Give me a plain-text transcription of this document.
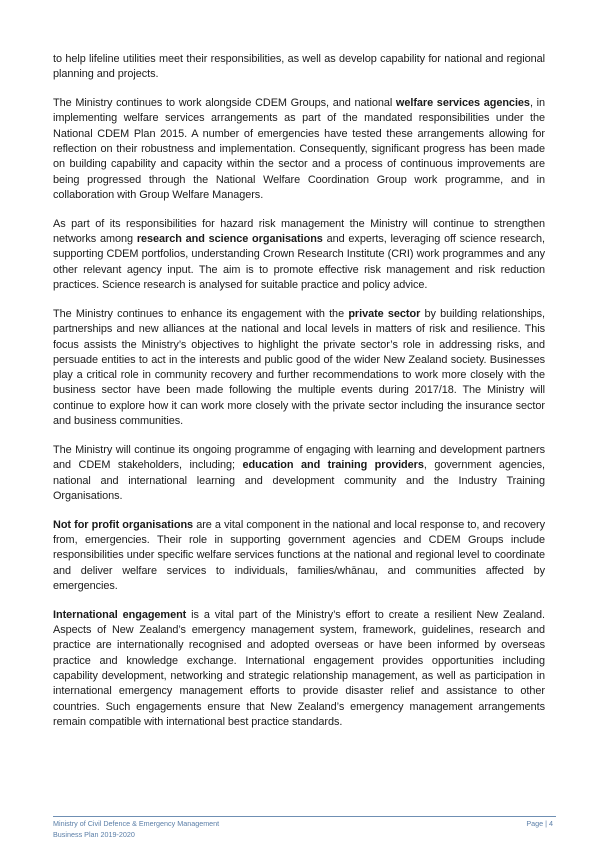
to help lifeline utilities meet their responsibilities, as well as develop capability for national and regional planning and projects.

The Ministry continues to work alongside CDEM Groups, and national welfare services agencies, in implementing welfare services arrangements as part of the mandated responsibilities under the National CDEM Plan 2015. A number of emergencies have tested these arrangements allowing for reflection on their robustness and implementation. Consequently, significant progress has been made on building capability and capacity within the sector and a process of continuous improvements are being progressed through the National Welfare Coordination Group work programme, and in collaboration with Group Welfare Managers.

As part of its responsibilities for hazard risk management the Ministry will continue to strengthen networks among research and science organisations and experts, leveraging off science research, supporting CDEM portfolios, understanding Crown Research Institute (CRI) work programmes and any other relevant agency input. The aim is to promote effective risk management and risk reduction practices. Science research is analysed for suitable practice and policy advice.

The Ministry continues to enhance its engagement with the private sector by building relationships, partnerships and new alliances at the national and local levels in matters of risk and resilience. This focus assists the Ministry’s objectives to highlight the private sector’s role in addressing risks, and persuade entities to act in the interests and public good of the wider New Zealand society. Businesses play a critical role in community recovery and further recommendations to work more closely with the business sector have been made following the multiple events during 2017/18. The Ministry will continue to explore how it can work more closely with the private sector including the insurance sector and business communities.

The Ministry will continue its ongoing programme of engaging with learning and development partners and CDEM stakeholders, including; education and training providers, government agencies, national and international learning and development community and the Industry Training Organisations.

Not for profit organisations are a vital component in the national and local response to, and recovery from, emergencies. Their role in supporting government agencies and CDEM Groups include responsibilities under specific welfare services functions at the national and regional level to coordinate and deliver welfare services to individuals, families/whānau, and communities affected by emergencies.

International engagement is a vital part of the Ministry’s effort to create a resilient New Zealand. Aspects of New Zealand’s emergency management system, framework, guidelines, research and practice are internationally recognised and adopted overseas or have been informed by overseas practice and knowledge exchange. International engagement provides opportunities including capability development, networking and strategic relationship management, as well as participation in international emergency management efforts to provide disaster relief and assistance to other countries. Such engagements ensure that New Zealand’s emergency management arrangements remain compatible with international best practice standards.

Ministry of Civil Defence & Emergency Management
Business Plan 2019-2020
Page | 4
